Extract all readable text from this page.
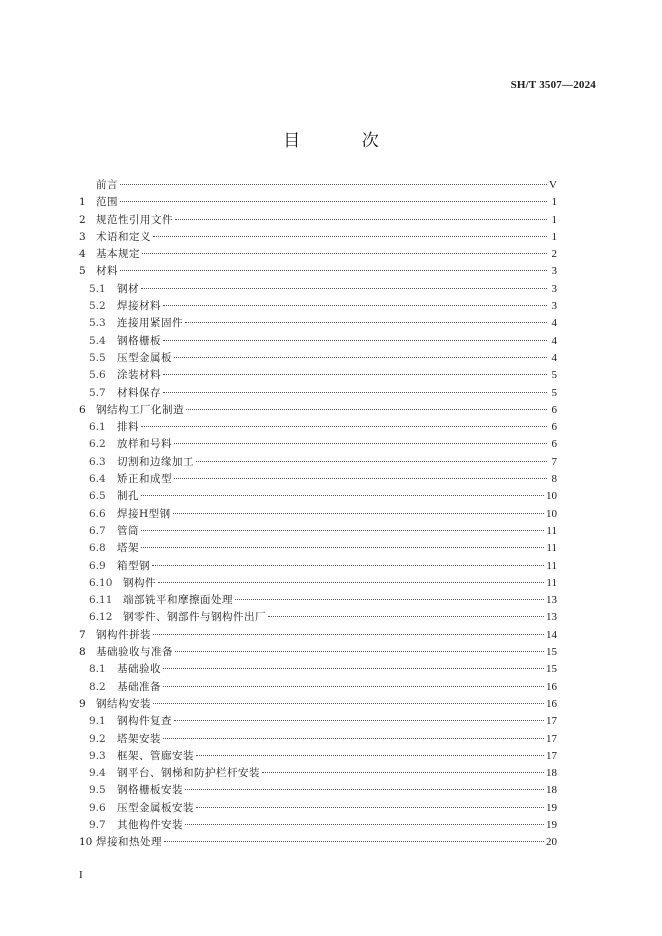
SH/T 3507—2024
目 次
前言	V
1 范围	1
2 规范性引用文件	1
3 术语和定义	1
4 基本规定	2
5 材料	3
5.1	钢材	3
5.2	焊接材料	3
5.3	连接用紧固件	4
5.4	钢格栅板	4
5.5	压型金属板	4
5.6	涂装材料	5
5.7	材料保存	5
6 钢结构工厂化制造	6
6.1	排料	6
6.2	放样和号料	6
6.3	切割和边缘加工	7
6.4	矫正和成型	8
6.5	制孔	10
6.6	焊接H型钢	10
6.7	管筒	11
6.8	塔架	11
6.9	箱型钢	11
6.10	钢构件	11
6.11	端部铣平和摩擦面处理	13
6.12	钢零件、钢部件与钢构件出厂	13
7 钢构件拼装	14
8 基础验收与准备	15
8.1	基础验收	15
8.2	基础准备	16
9 钢结构安装	16
9.1	钢构件复查	17
9.2	塔架安装	17
9.3	框架、管廊安装	17
9.4	钢平台、钢梯和防护栏杆安装	18
9.5	钢格栅板安装	18
9.6	压型金属板安装	19
9.7	其他构件安装	19
10 焊接和热处理	20
I
